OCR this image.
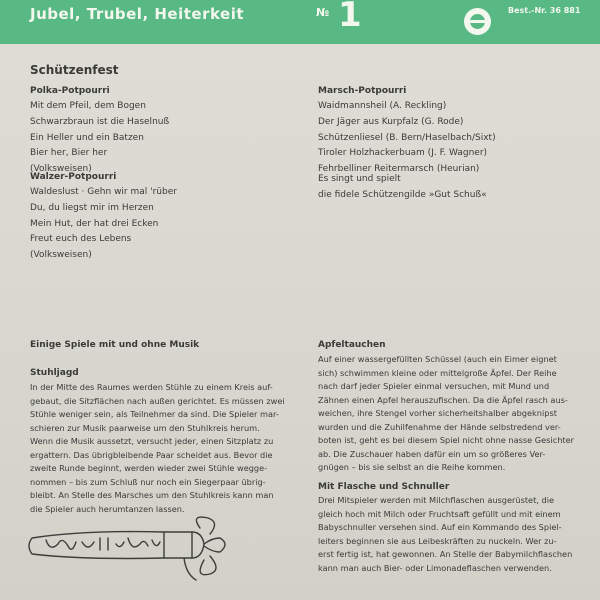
Jubel, Trubel, Heiterkeit	№ 1	Best.-Nr. 36 881
Schützenfest
Polka-Potpourri
Mit dem Pfeil, dem Bogen
Schwarzbraun ist die Haselnuß
Ein Heller und ein Batzen
Bier her, Bier her
(Volksweisen)
Walzer-Potpourri
Waldeslust · Gehn wir mal 'rüber
Du, du liegst mir im Herzen
Mein Hut, der hat drei Ecken
Freut euch des Lebens
(Volksweisen)
Marsch-Potpourri
Waidmannsheil (A. Reckling)
Der Jäger aus Kurpfalz (G. Rode)
Schützenliesel (B. Bern/Haselbach/Sixt)
Tiroler Holzhackerbuam (J. F. Wagner)
Fehrbelliner Reitermarsch (Heurian)
Es singt und spielt
die fidele Schützengilde »Gut Schuß«
Einige Spiele mit und ohne Musik
Stuhljagd
In der Mitte des Raumes werden Stühle zu einem Kreis auf-
gebaut, die Sitzflächen nach außen gerichtet. Es müssen zwei
Stühle weniger sein, als Teilnehmer da sind. Die Spieler mar-
schieren zur Musik paarweise um den Stuhlkreis herum.
Wenn die Musik aussetzt, versucht jeder, einen Sitzplatz zu
ergattern. Das übrigbleibende Paar scheidet aus. Bevor die
zweite Runde beginnt, werden wieder zwei Stühle wegge-
nommen – bis zum Schluß nur noch ein Siegerpaar übrig-
bleibt. An Stelle des Marsches um den Stuhlkreis kann man
die Spieler auch herumtanzen lassen.
Apfeltauchen
Auf einer wassergefüllten Schüssel (auch ein Eimer eignet
sich) schwimmen kleine oder mittelgroße Äpfel. Der Reihe
nach darf jeder Spieler einmal versuchen, mit Mund und
Zähnen einen Apfel herauszufischen. Da die Äpfel rasch aus-
weichen, ihre Stengel vorher sicherheitshalber abgeknipst
wurden und die Zuhilfenahme der Hände selbstredend ver-
boten ist, geht es bei diesem Spiel nicht ohne nasse Gesichter
ab. Die Zuschauer haben dafür ein um so größeres Ver-
gnügen – bis sie selbst an die Reihe kommen.
Mit Flasche und Schnuller
Drei Mitspieler werden mit Milchflaschen ausgerüstet, die
gleich hoch mit Milch oder Fruchtsaft gefüllt und mit einem
Babyschnuller versehen sind. Auf ein Kommando des Spiel-
leiters beginnen sie aus Leibeskräften zu nuckeln. Wer zu-
erst fertig ist, hat gewonnen. An Stelle der Babymilchflaschen
kann man auch Bier- oder Limonadeflaschen verwenden.
